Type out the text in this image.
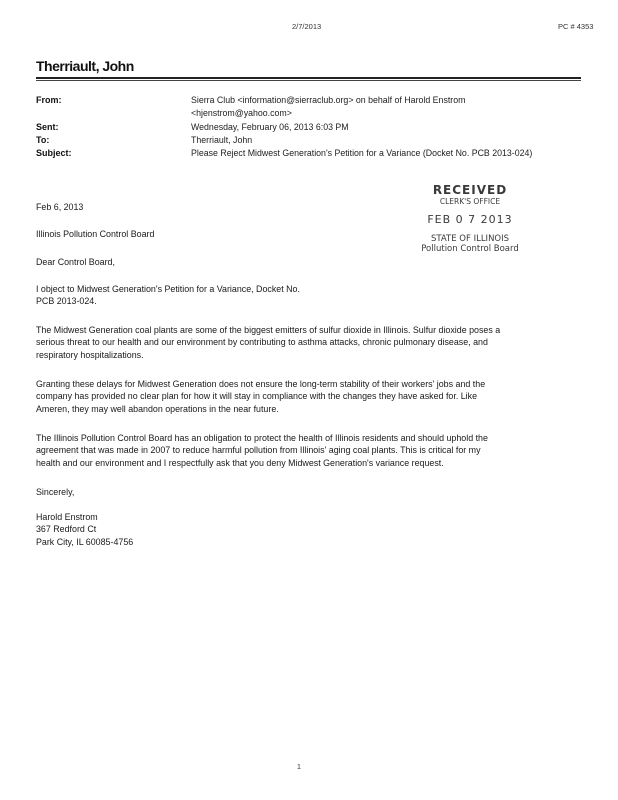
2/7/2013	PC # 4353
Therriault, John
From:	Sierra Club <information@sierraclub.org> on behalf of Harold Enstrom
<hjenstrom@yahoo.com>
Sent:	Wednesday, February 06, 2013 6:03 PM
To:	Therriault, John
Subject:	Please Reject Midwest Generation's Petition for a Variance (Docket No. PCB 2013-024)
RECEIVED
CLERK'S OFFICE
FEB 0 7 2013
STATE OF ILLINOIS
Pollution Control Board
Feb 6, 2013
Illinois Pollution Control Board
Dear Control Board,
I object to Midwest Generation's Petition for a Variance, Docket No.
PCB 2013-024.
The Midwest Generation coal plants are some of the biggest emitters of sulfur dioxide in Illinois. Sulfur dioxide poses a
serious threat to our health and our environment by contributing to asthma attacks, chronic pulmonary disease, and
respiratory hospitalizations.
Granting these delays for Midwest Generation does not ensure the long-term stability of their workers' jobs and the
company has provided no clear plan for how it will stay in compliance with the changes they have asked for. Like
Ameren, they may well abandon operations in the near future.
The Illinois Pollution Control Board has an obligation to protect the health of Illinois residents and should uphold the
agreement that was made in 2007 to reduce harmful pollution from Illinois' aging coal plants. This is critical for my
health and our environment and I respectfully ask that you deny Midwest Generation's variance request.
Sincerely,
Harold Enstrom
367 Redford Ct
Park City, IL 60085-4756
1
